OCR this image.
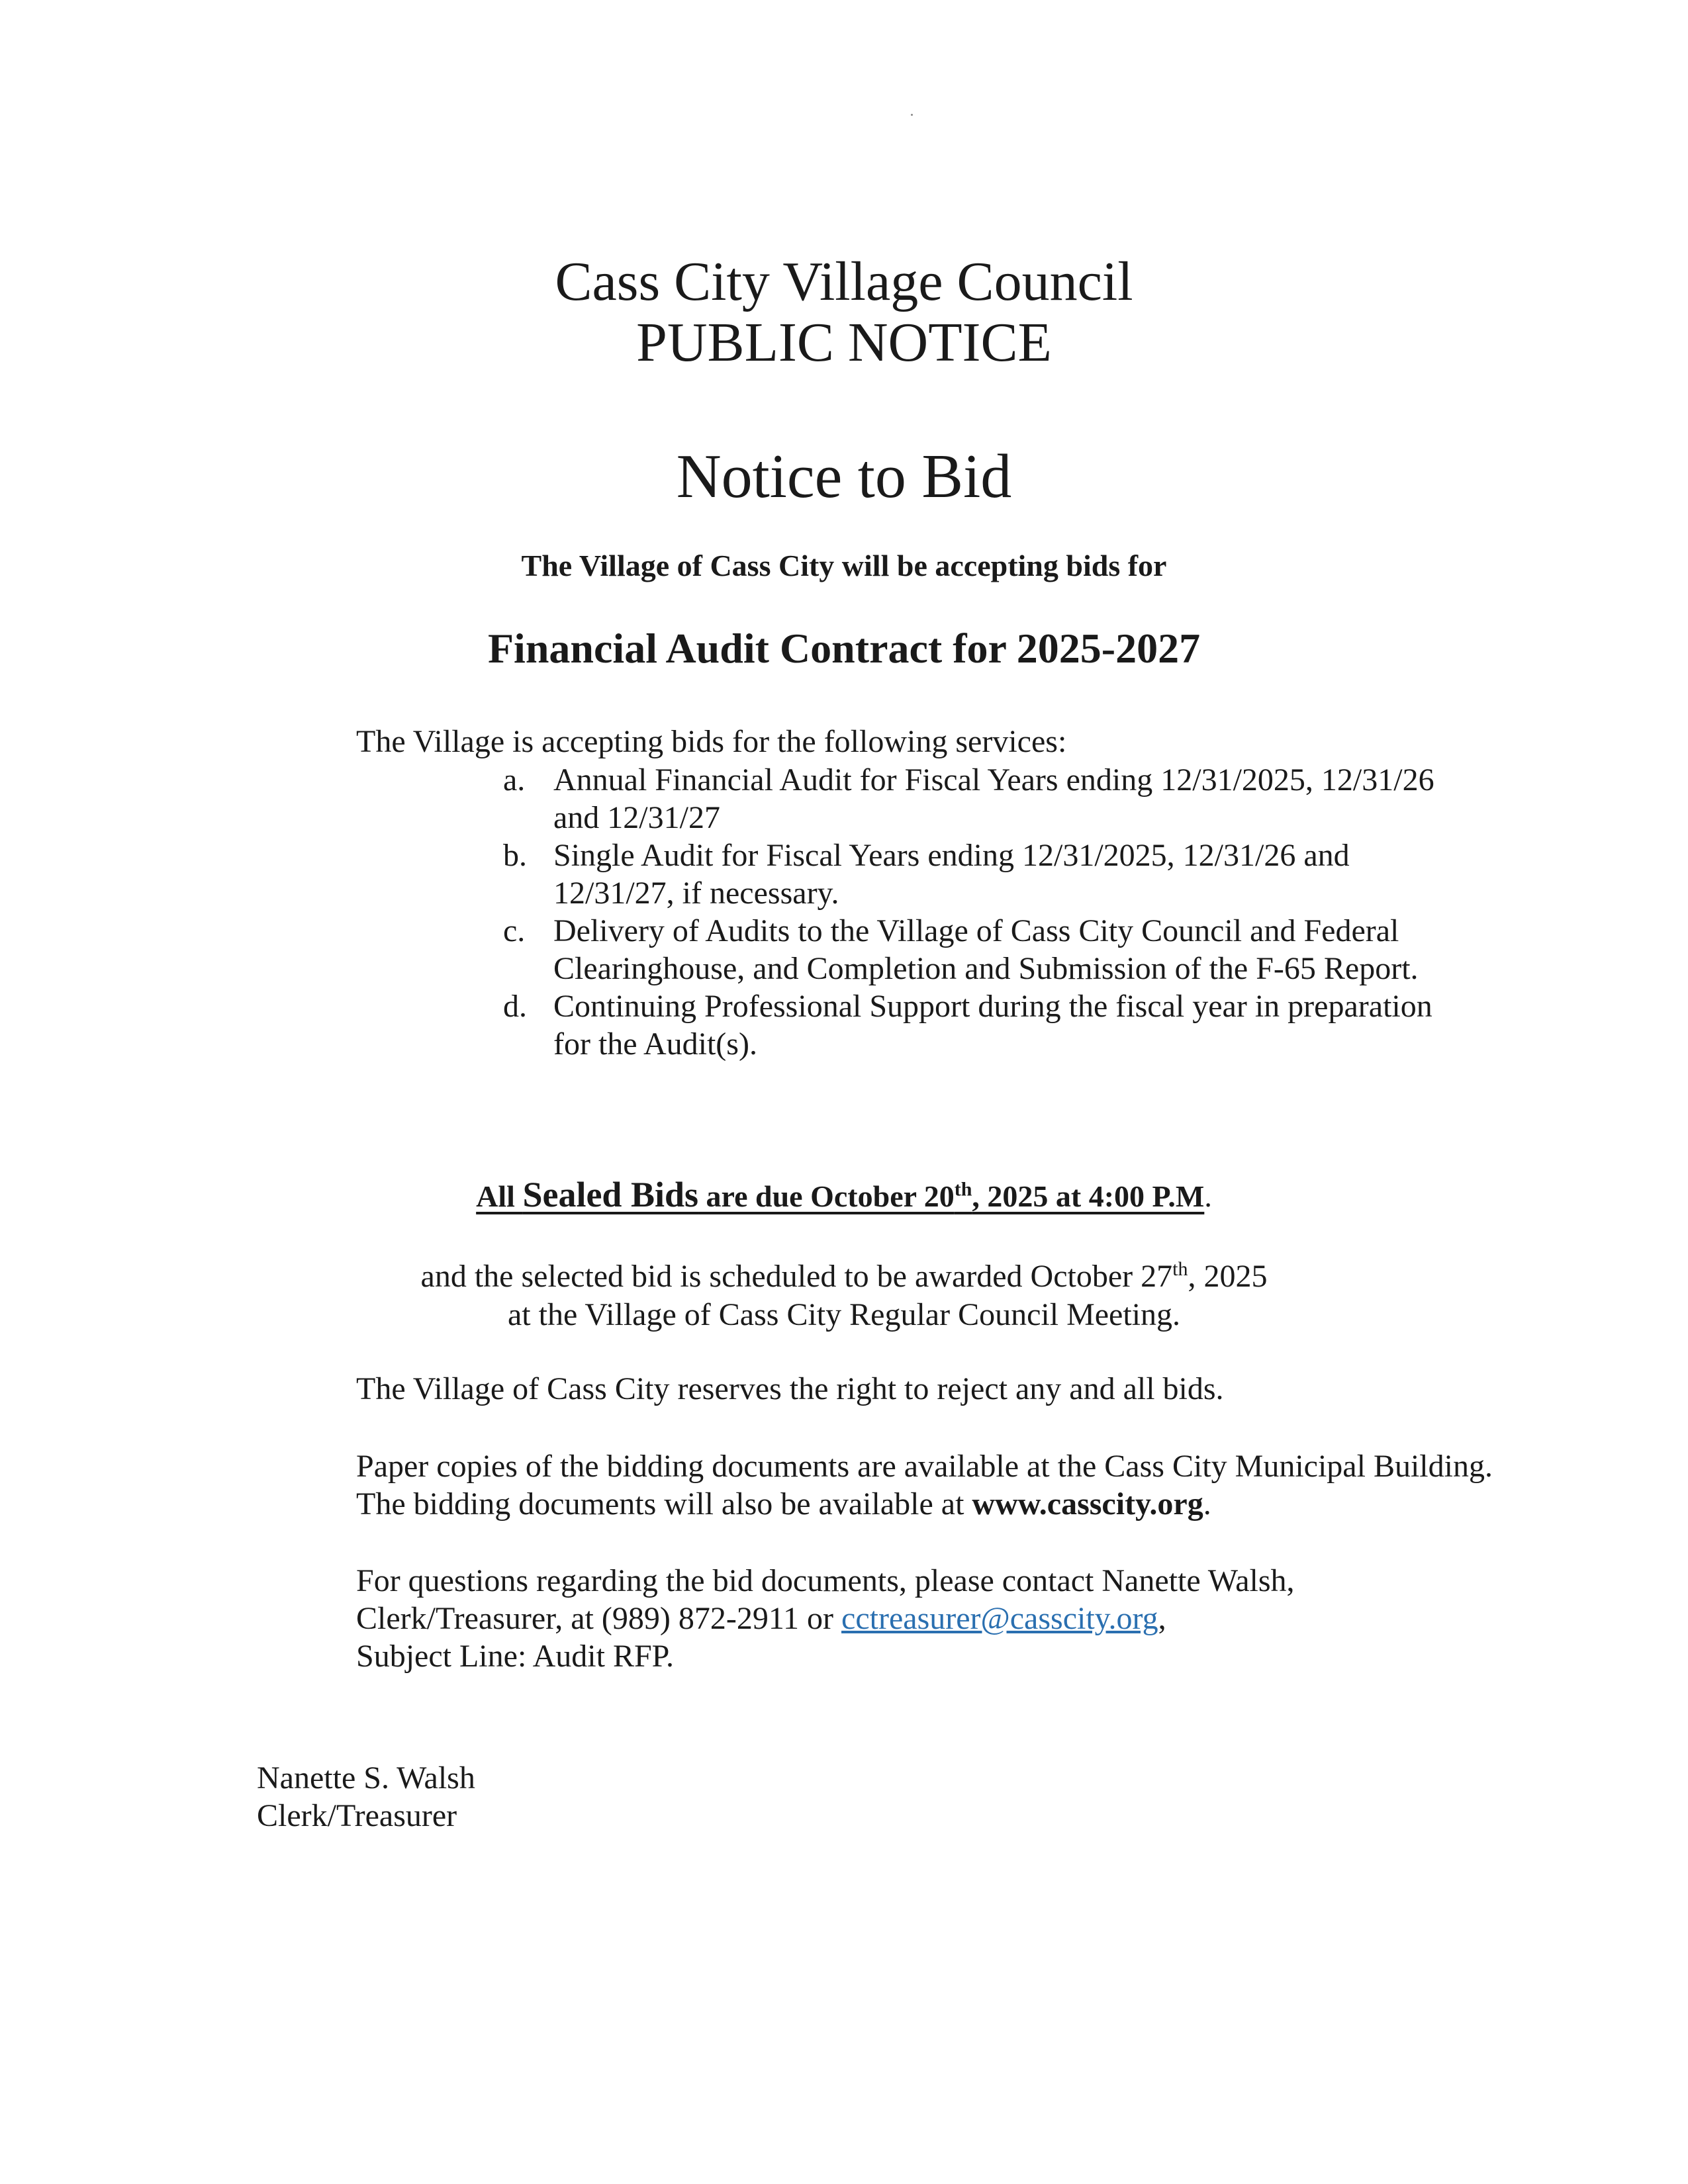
Cass City Village Council
PUBLIC NOTICE
Notice to Bid
The Village of Cass City will be accepting bids for
Financial Audit Contract for 2025-2027
The Village is accepting bids for the following services:
a. Annual Financial Audit for Fiscal Years ending 12/31/2025, 12/31/26 and 12/31/27
b. Single Audit for Fiscal Years ending 12/31/2025, 12/31/26 and 12/31/27, if necessary.
c. Delivery of Audits to the Village of Cass City Council and Federal Clearinghouse, and Completion and Submission of the F-65 Report.
d. Continuing Professional Support during the fiscal year in preparation for the Audit(s).
All Sealed Bids are due October 20th, 2025 at 4:00 P.M.
and the selected bid is scheduled to be awarded October 27th, 2025
at the Village of Cass City Regular Council Meeting.
The Village of Cass City reserves the right to reject any and all bids.
Paper copies of the bidding documents are available at the Cass City Municipal Building. The bidding documents will also be available at www.casscity.org.
For questions regarding the bid documents, please contact Nanette Walsh, Clerk/Treasurer, at (989) 872-2911 or cctreasurer@casscity.org,
Subject Line: Audit RFP.
Nanette S. Walsh
Clerk/Treasurer
